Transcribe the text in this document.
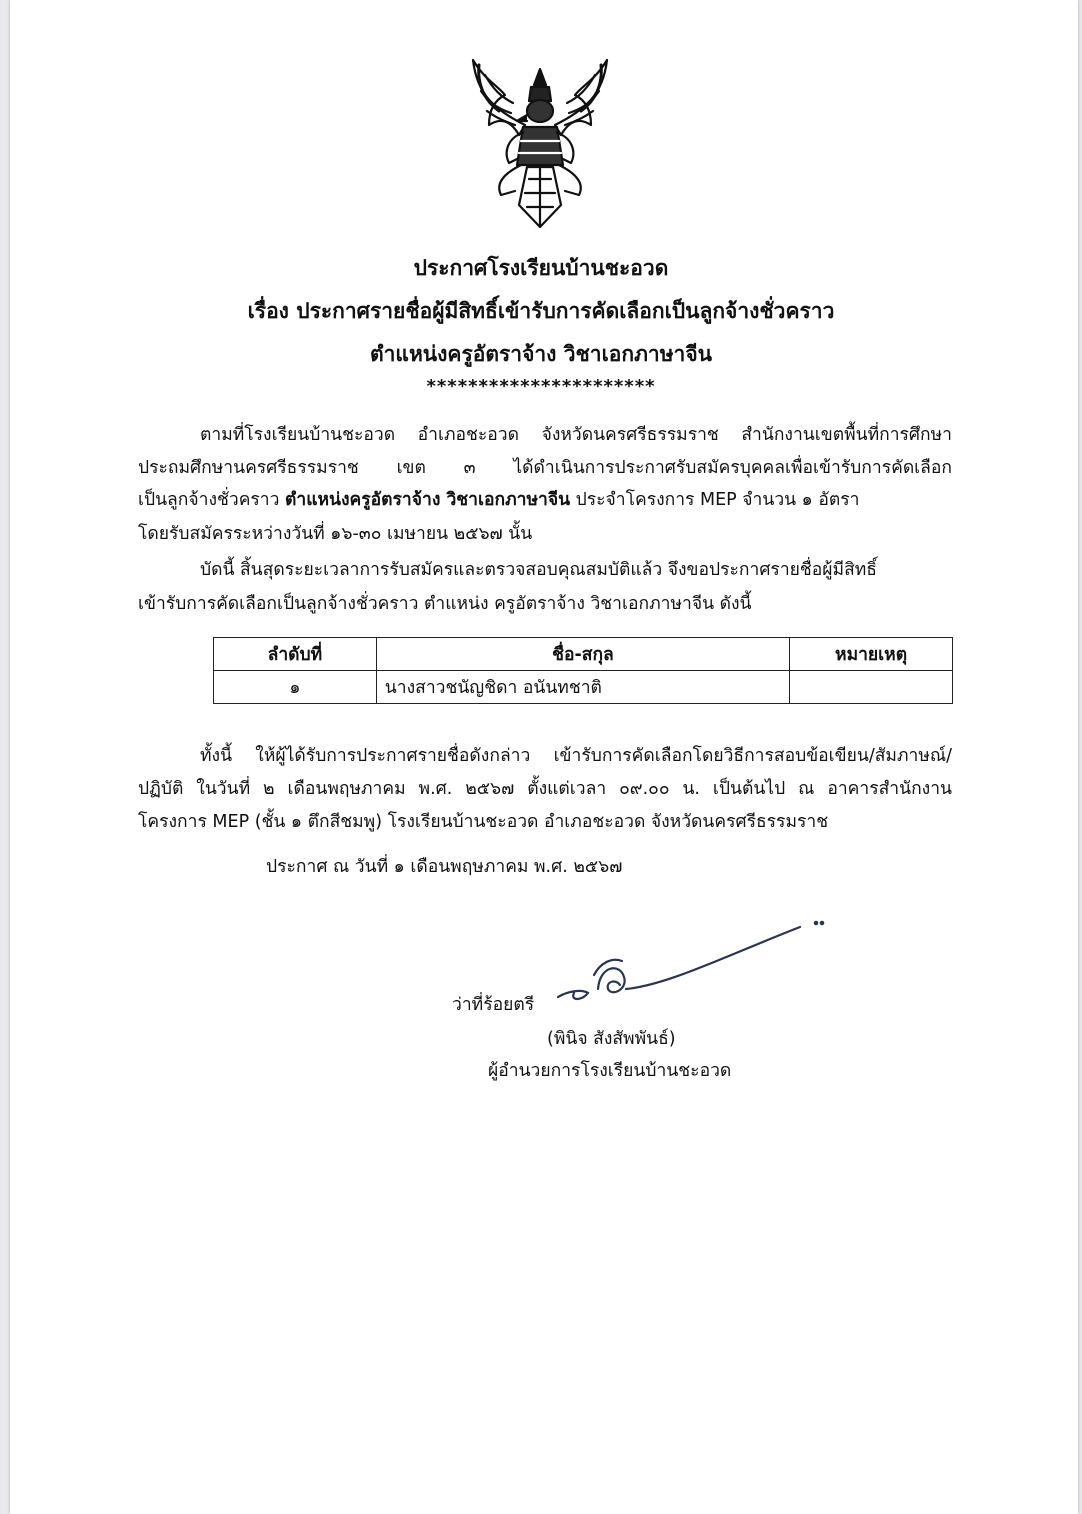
ประกาศโรงเรียนบ้านชะอวด
เรื่อง ประกาศรายชื่อผู้มีสิทธิ์เข้ารับการคัดเลือกเป็นลูกจ้างชั่วคราว
ตำแหน่งครูอัตราจ้าง วิชาเอกภาษาจีน
**********************
ตามที่โรงเรียนบ้านชะอวด อำเภอชะอวด จังหวัดนครศรีธรรมราช สำนักงานเขตพื้นที่การศึกษา
ประถมศึกษานครศรีธรรมราช เขต ๓ ได้ดำเนินการประกาศรับสมัครบุคคลเพื่อเข้ารับการคัดเลือก
เป็นลูกจ้างชั่วคราว ตำแหน่งครูอัตราจ้าง วิชาเอกภาษาจีน ประจำโครงการ MEP จำนวน ๑ อัตรา
โดยรับสมัครระหว่างวันที่ ๑๖-๓๐ เมษายน ๒๕๖๗ นั้น
บัดนี้ สิ้นสุดระยะเวลาการรับสมัครและตรวจสอบคุณสมบัติแล้ว จึงขอประกาศรายชื่อผู้มีสิทธิ์
เข้ารับการคัดเลือกเป็นลูกจ้างชั่วคราว ตำแหน่ง ครูอัตราจ้าง วิชาเอกภาษาจีน ดังนี้
ลำดับที่	ชื่อ-สกุล	หมายเหตุ
๑	นางสาวชนัญชิดา อนันทชาติ	
ทั้งนี้ ให้ผู้ได้รับการประกาศรายชื่อดังกล่าว เข้ารับการคัดเลือกโดยวิธีการสอบข้อเขียน/สัมภาษณ์/
ปฏิบัติ ในวันที่ ๒ เดือนพฤษภาคม พ.ศ. ๒๕๖๗ ตั้งแต่เวลา ๐๙.๐๐ น. เป็นต้นไป ณ อาคารสำนักงาน
โครงการ MEP (ชั้น ๑ ตึกสีชมพู) โรงเรียนบ้านชะอวด อำเภอชะอวด จังหวัดนครศรีธรรมราช
ประกาศ ณ วันที่ ๑ เดือนพฤษภาคม พ.ศ. ๒๕๖๗
ว่าที่ร้อยตรี
(พินิจ สังสัพพันธ์)
ผู้อำนวยการโรงเรียนบ้านชะอวด
